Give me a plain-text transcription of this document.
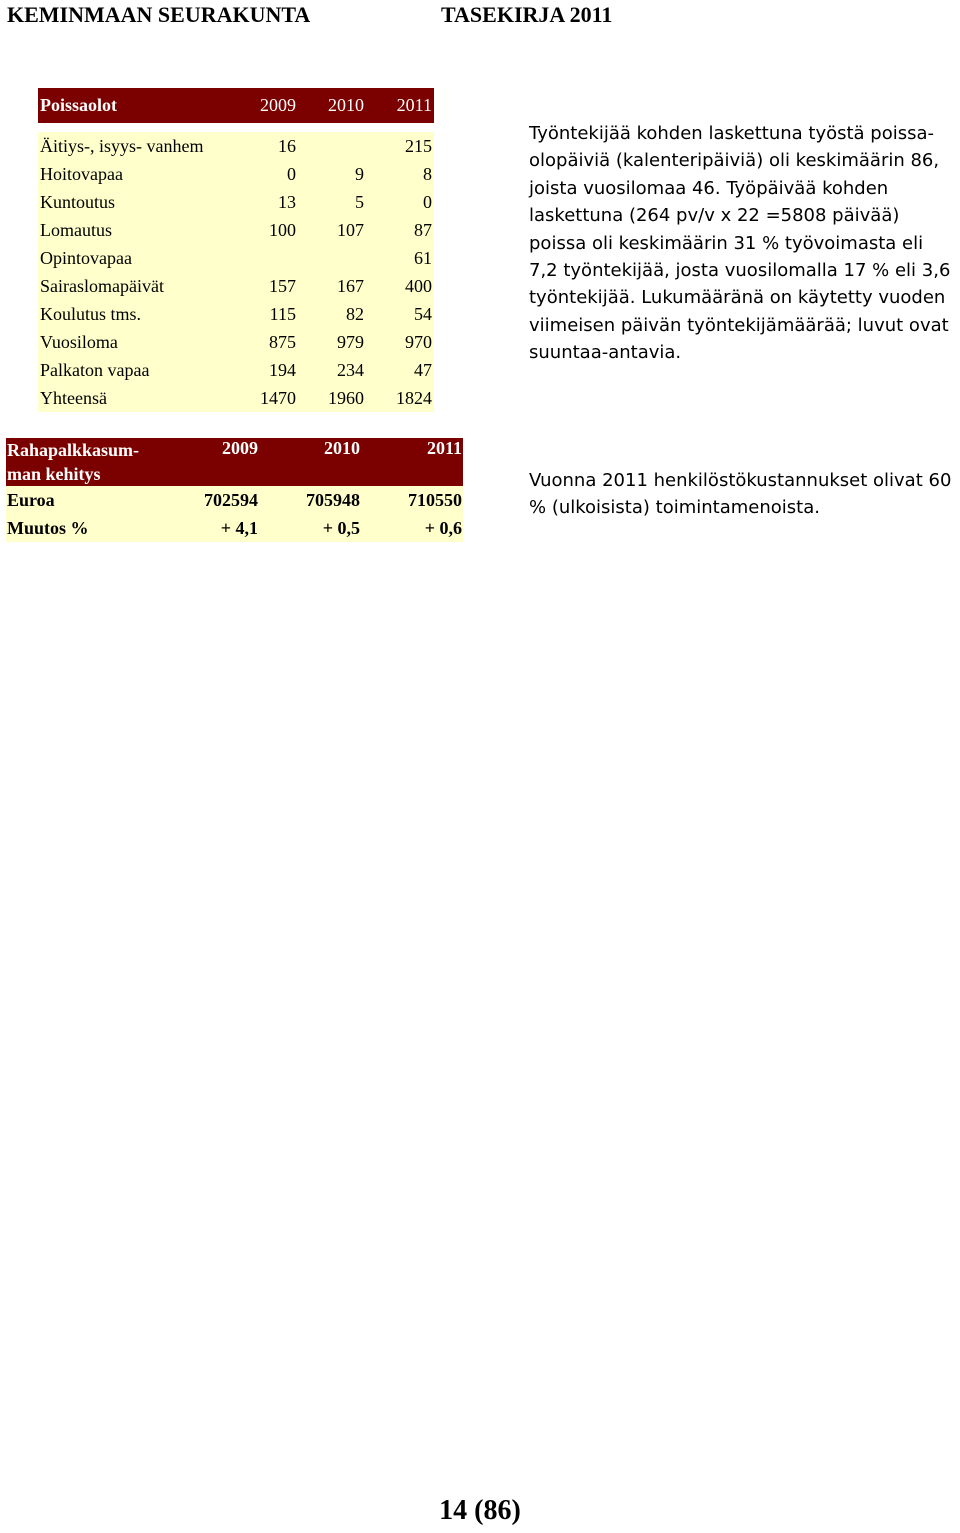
KEMINMAAN SEURAKUNTA	TASEKIRJA 2011
Poissaolot	2009	2010	2011

Äitiys-, isyys- vanhem	16		215
Hoitovapaa	0	9	8
Kuntoutus	13	5	0
Lomautus	100	107	87
Opintovapaa			61
Sairaslomapäivät	157	167	400
Koulutus tms.	115	82	54
Vuosiloma	875	979	970
Palkaton vapaa	194	234	47
Yhteensä	1470	1960	1824
Työntekijää kohden laskettuna työstä poissa-olopäiviä (kalenteripäiviä) oli keskimäärin 86, joista vuosilomaa 46. Työpäivää kohden laskettuna (264 pv/v x 22 =5808 päivää) poissa oli keskimäärin 31 % työvoimasta eli 7,2 työntekijää, josta vuosilomalla 17 % eli 3,6 työntekijää. Lukumääränä on käytetty vuoden viimeisen päivän työntekijämäärää; luvut ovat suuntaa-antavia.
Rahapalkkasum-
man kehitys	2009	2010	2011
Euroa	702594	705948	710550
Muutos %	+ 4,1	+ 0,5	+ 0,6
Vuonna 2011 henkilöstökustannukset olivat 60 % (ulkoisista) toimintamenoista.
14 (86)
